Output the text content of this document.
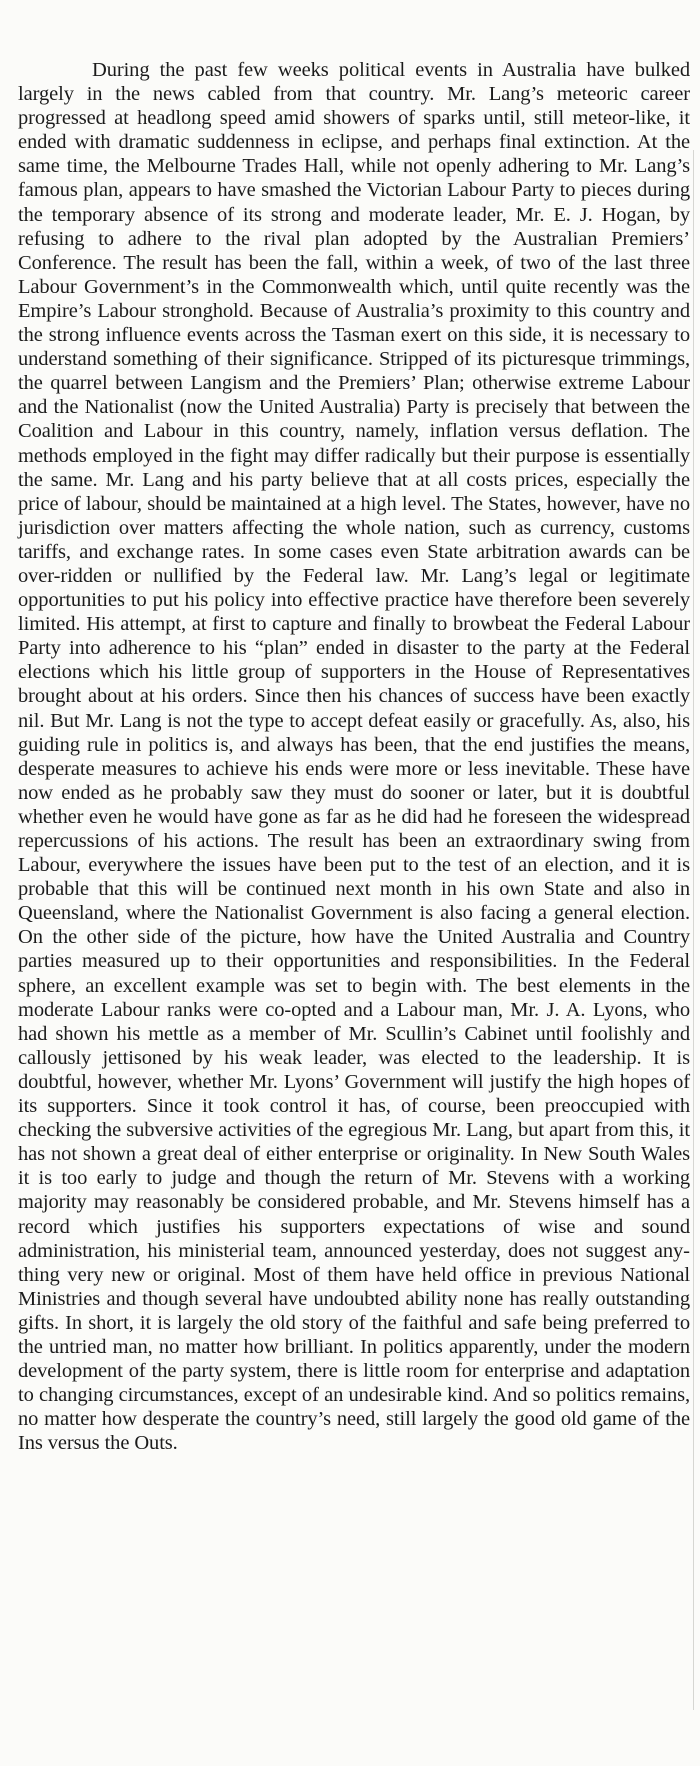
During the past few weeks political events in Australia have bulked largely in the news cabled from that country. Mr. Lang’s meteoric career progressed at headlong speed amid showers of sparks until, still meteor-like, it ended with dramatic suddenness in eclipse, and perhaps final extinction. At the same time, the Melbourne Trades Hall, while not openly adhering to Mr. Lang’s famous plan, appears to have smashed the Victorian Labour Party to pieces during the temporary absence of its strong and moderate leader, Mr. E. J. Hogan, by refusing to adhere to the rival plan adopted by the Australian Premiers’ Conference. The result has been the fall, within a week, of two of the last three Labour Government’s in the Commonwealth which, until quite recently was the Empire’s Labour stronghold. Because of Australia’s proximity to this country and the strong influence events across the Tasman exert on this side, it is necessary to understand something of their significance. Stripped of its picturesque trimmings, the quarrel between Langism and the Premiers’ Plan; otherwise extreme Labour and the Nationalist (now the United Australia) Party is precisely that between the Coalition and Labour in this country, namely, inflation versus deflation. The methods employed in the fight may differ radically but their purpose is essentially the same. Mr. Lang and his party believe that at all costs prices, especially the price of labour, should be maintained at a high level. The States, however, have no jurisdiction over matters affecting the whole nation, such as currency, customs tariffs, and exchange rates. In some cases even State arbitration awards can be over-ridden or nullified by the Federal law. Mr. Lang’s legal or legitimate opportunities to put his policy into effective practice have therefore been severely limited. His attempt, at first to capture and finally to browbeat the Federal Labour Party into adherence to his “plan” ended in disaster to the party at the Federal elections which his little group of supporters in the House of Representatives brought about at his orders. Since then his chances of success have been exactly nil. But Mr. Lang is not the type to accept defeat easily or gracefully. As, also, his guiding rule in politics is, and always has been, that the end justifies the means, desperate measures to achieve his ends were more or less inevitable. These have now ended as he probably saw they must do sooner or later, but it is doubtful whether even he would have gone as far as he did had he foreseen the widespread repercussions of his actions. The result has been an extraordinary swing from Labour, everywhere the issues have been put to the test of an election, and it is probable that this will be continued next month in his own State and also in Queensland, where the Nationalist Government is also facing a general election. On the other side of the picture, how have the United Australia and Country parties measured up to their opportunities and responsibilities. In the Federal sphere, an excellent example was set to begin with. The best elements in the moderate Labour ranks were co-opted and a Labour man, Mr. J. A. Lyons, who had shown his mettle as a member of Mr. Scullin’s Cabinet until foolishly and callously jettisoned by his weak leader, was elected to the leadership. It is doubtful, however, whether Mr. Lyons’ Government will justify the high hopes of its supporters. Since it took control it has, of course, been preoccupied with checking the subversive activities of the egregious Mr. Lang, but apart from this, it has not shown a great deal of either enterprise or originality. In New South Wales it is too early to judge and though the return of Mr. Stevens with a working majority may reasonably be considered probable, and Mr. Stevens himself has a record which justifies his supporters expectations of wise and sound administration, his ministerial team, announced yesterday, does not suggest anything very new or original. Most of them have held office in previous National Ministries and though several have undoubted ability none has really outstanding gifts. In short, it is largely the old story of the faithful and safe being preferred to the untried man, no matter how brilliant. In politics apparently, under the modern development of the party system, there is little room for enterprise and adaptation to changing circumstances, except of an undesirable kind. And so politics remains, no matter how desperate the country’s need, still largely the good old game of the Ins versus the Outs.
